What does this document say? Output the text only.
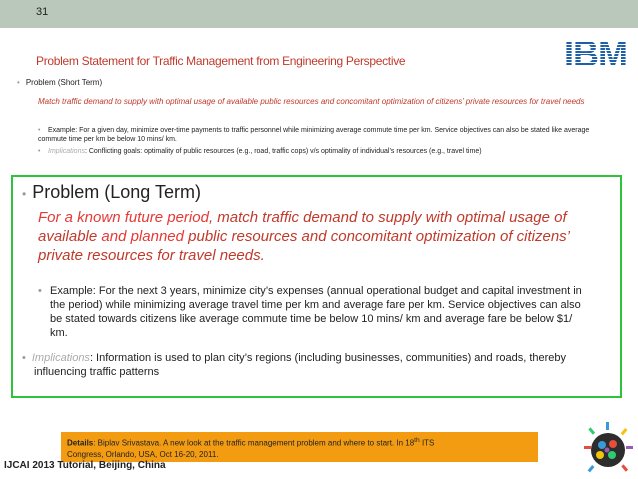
31
Problem Statement for Traffic Management from Engineering Perspective
• Problem (Short Term)
Match traffic demand to supply with optimal usage of available public resources and concomitant optimization of citizens’ private resources for travel needs
• Example: For a given day, minimize over-time payments to traffic personnel while minimizing average commute time per km. Service objectives can also be stated like average commute time per km be below 10 mins/ km.
• Implications: Conflicting goals: optimality of public resources (e.g., road, traffic cops) v/s optimality of individual’s resources (e.g., travel time)
• Problem (Long Term)
For a known future period, match traffic demand to supply with optimal usage of available and planned public resources and concomitant optimization of citizens’ private resources for travel needs.
• Example: For the next 3 years, minimize city’s expenses (annual operational budget and capital investment in
the period) while minimizing average travel time per km and average fare per km. Service objectives can also
be stated towards citizens like average commute time be below 10 mins/ km and average fare be below $1/
km.
• Implications: Information is used to plan city’s regions (including businesses, communities) and roads, thereby
influencing traffic patterns
Details: Biplav Srivastava. A new look at the traffic management problem and where to start. In 18th ITS
Congress, Orlando, USA, Oct 16-20, 2011.
IJCAI 2013 Tutorial, Beijing, China
